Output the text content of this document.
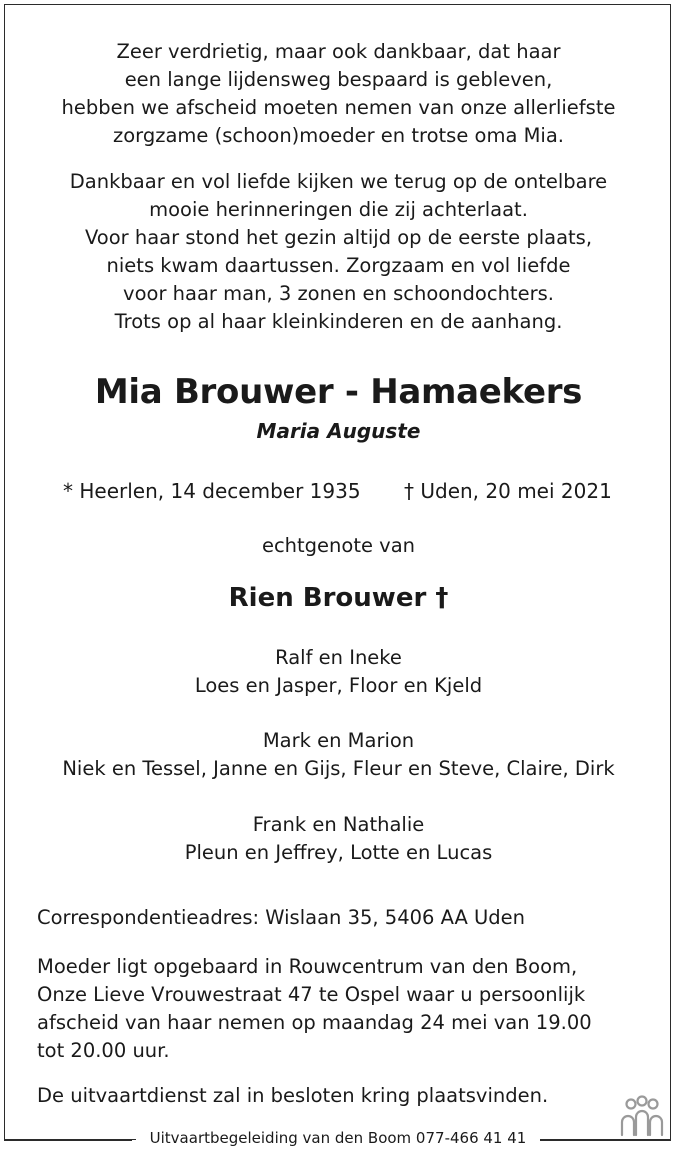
Zeer verdrietig, maar ook dankbaar, dat haar

een lange lijdensweg bespaard is gebleven,

hebben we afscheid moeten nemen van onze allerliefste

zorgzame (schoon)moeder en trotse oma Mia.

Dankbaar en vol liefde kijken we terug op de ontelbare

mooie herinneringen die zij achterlaat.

Voor haar stond het gezin altijd op de eerste plaats,

niets kwam daartussen. Zorgzaam en vol liefde

voor haar man, 3 zonen en schoondochters.

Trots op al haar kleinkinderen en de aanhang.

Mia Brouwer - Hamaekers
Maria Auguste
* Heerlen, 14 december 1935 † Uden, 20 mei 2021
echtgenote van
Rien Brouwer †

Ralf en Ineke

Loes en Jasper, Floor en Kjeld

Mark en Marion

Niek en Tessel, Janne en Gijs, Fleur en Steve, Claire, Dirk

Frank en Nathalie

Pleun en Jeffrey, Lotte en Lucas

Correspondentieadres: Wislaan 35, 5406 AA Uden
Moeder ligt opgebaard in Rouwcentrum van den Boom,
Onze Lieve Vrouwestraat 47 te Ospel waar u persoonlijk
afscheid van haar nemen op maandag 24 mei van 19.00
tot 20.00 uur.
De uitvaartdienst zal in besloten kring plaatsvinden.
Uitvaartbegeleiding van den Boom 077-466 41 41
